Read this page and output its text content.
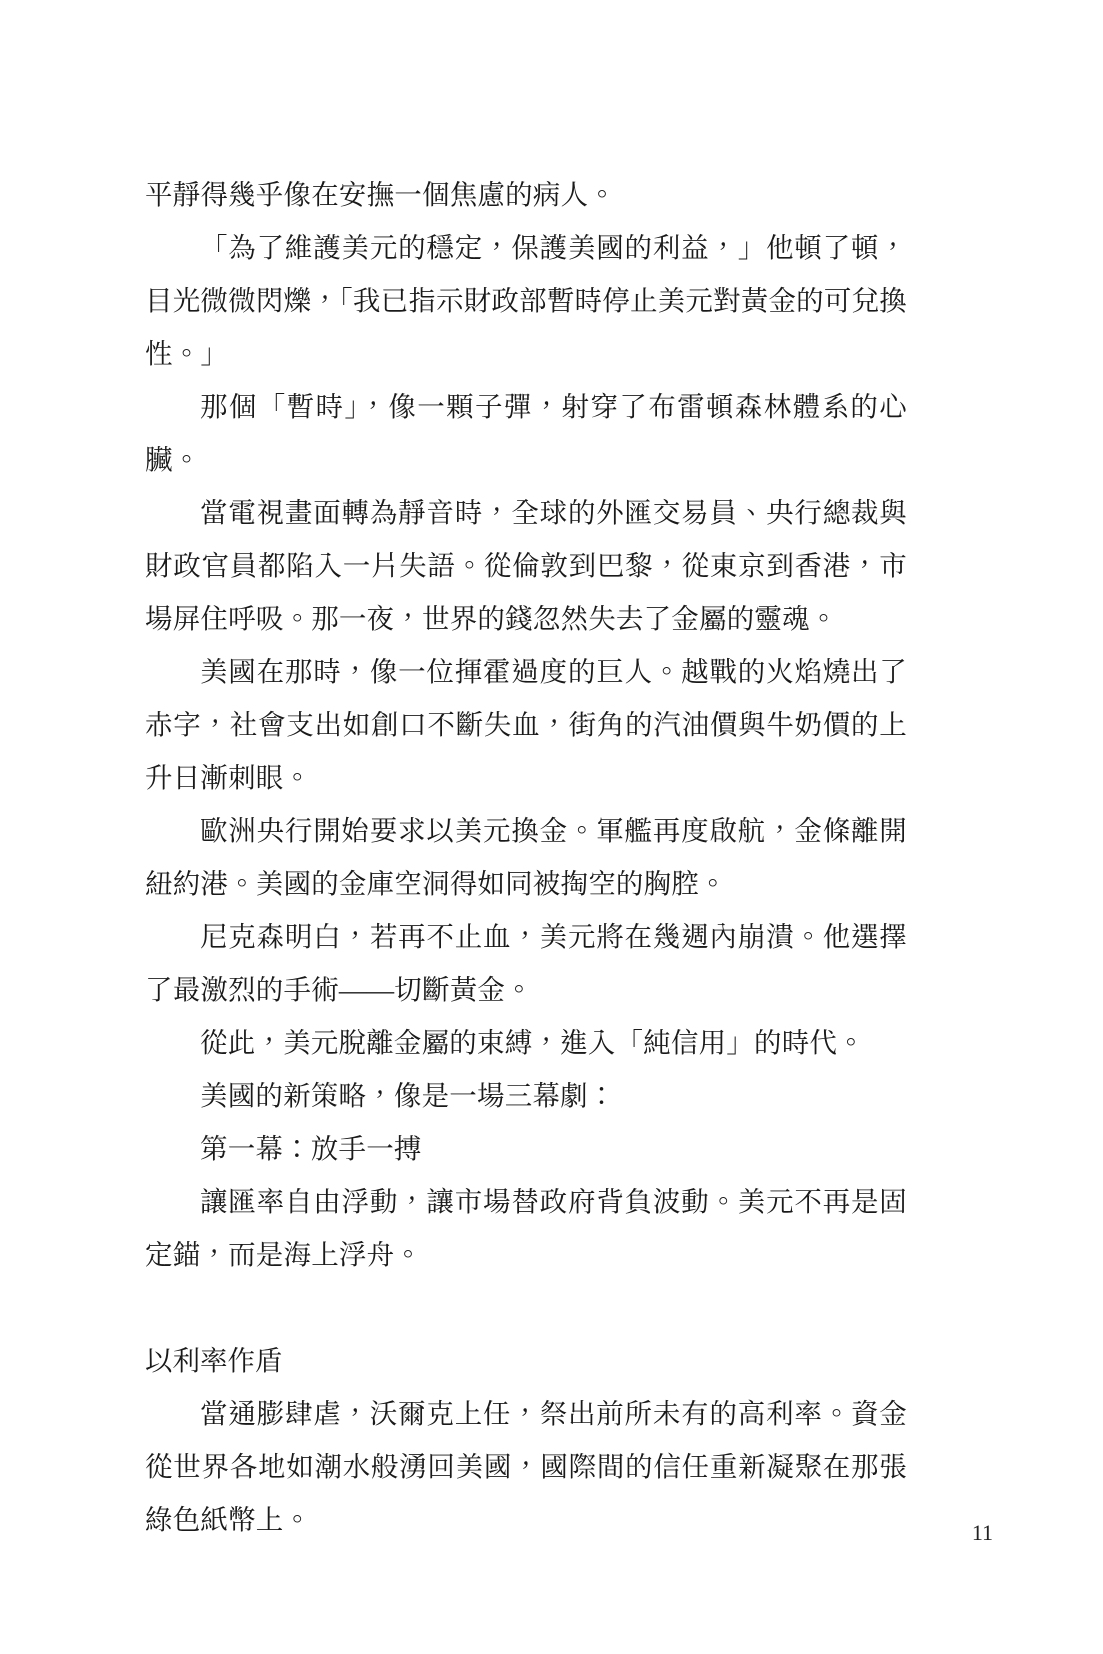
平靜得幾乎像在安撫一個焦慮的病人。

「為了維護美元的穩定，保護美國的利益，」他頓了頓，目光微微閃爍，「我已指示財政部暫時停止美元對黃金的可兌換性。」

那個「暫時」，像一顆子彈，射穿了布雷頓森林體系的心臟。

當電視畫面轉為靜音時，全球的外匯交易員、央行總裁與財政官員都陷入一片失語。從倫敦到巴黎，從東京到香港，市場屏住呼吸。那一夜，世界的錢忽然失去了金屬的靈魂。

美國在那時，像一位揮霍過度的巨人。越戰的火焰燒出了赤字，社會支出如創口不斷失血，街角的汽油價與牛奶價的上升日漸刺眼。

歐洲央行開始要求以美元換金。軍艦再度啟航，金條離開紐約港。美國的金庫空洞得如同被掏空的胸腔。

尼克森明白，若再不止血，美元將在幾週內崩潰。他選擇了最激烈的手術——切斷黃金。

從此，美元脫離金屬的束縛，進入「純信用」的時代。

美國的新策略，像是一場三幕劇：

第一幕：放手一搏

讓匯率自由浮動，讓市場替政府背負波動。美元不再是固定錨，而是海上浮舟。

以利率作盾

當通膨肆虐，沃爾克上任，祭出前所未有的高利率。資金從世界各地如潮水般湧回美國，國際間的信任重新凝聚在那張綠色紙幣上。	11
